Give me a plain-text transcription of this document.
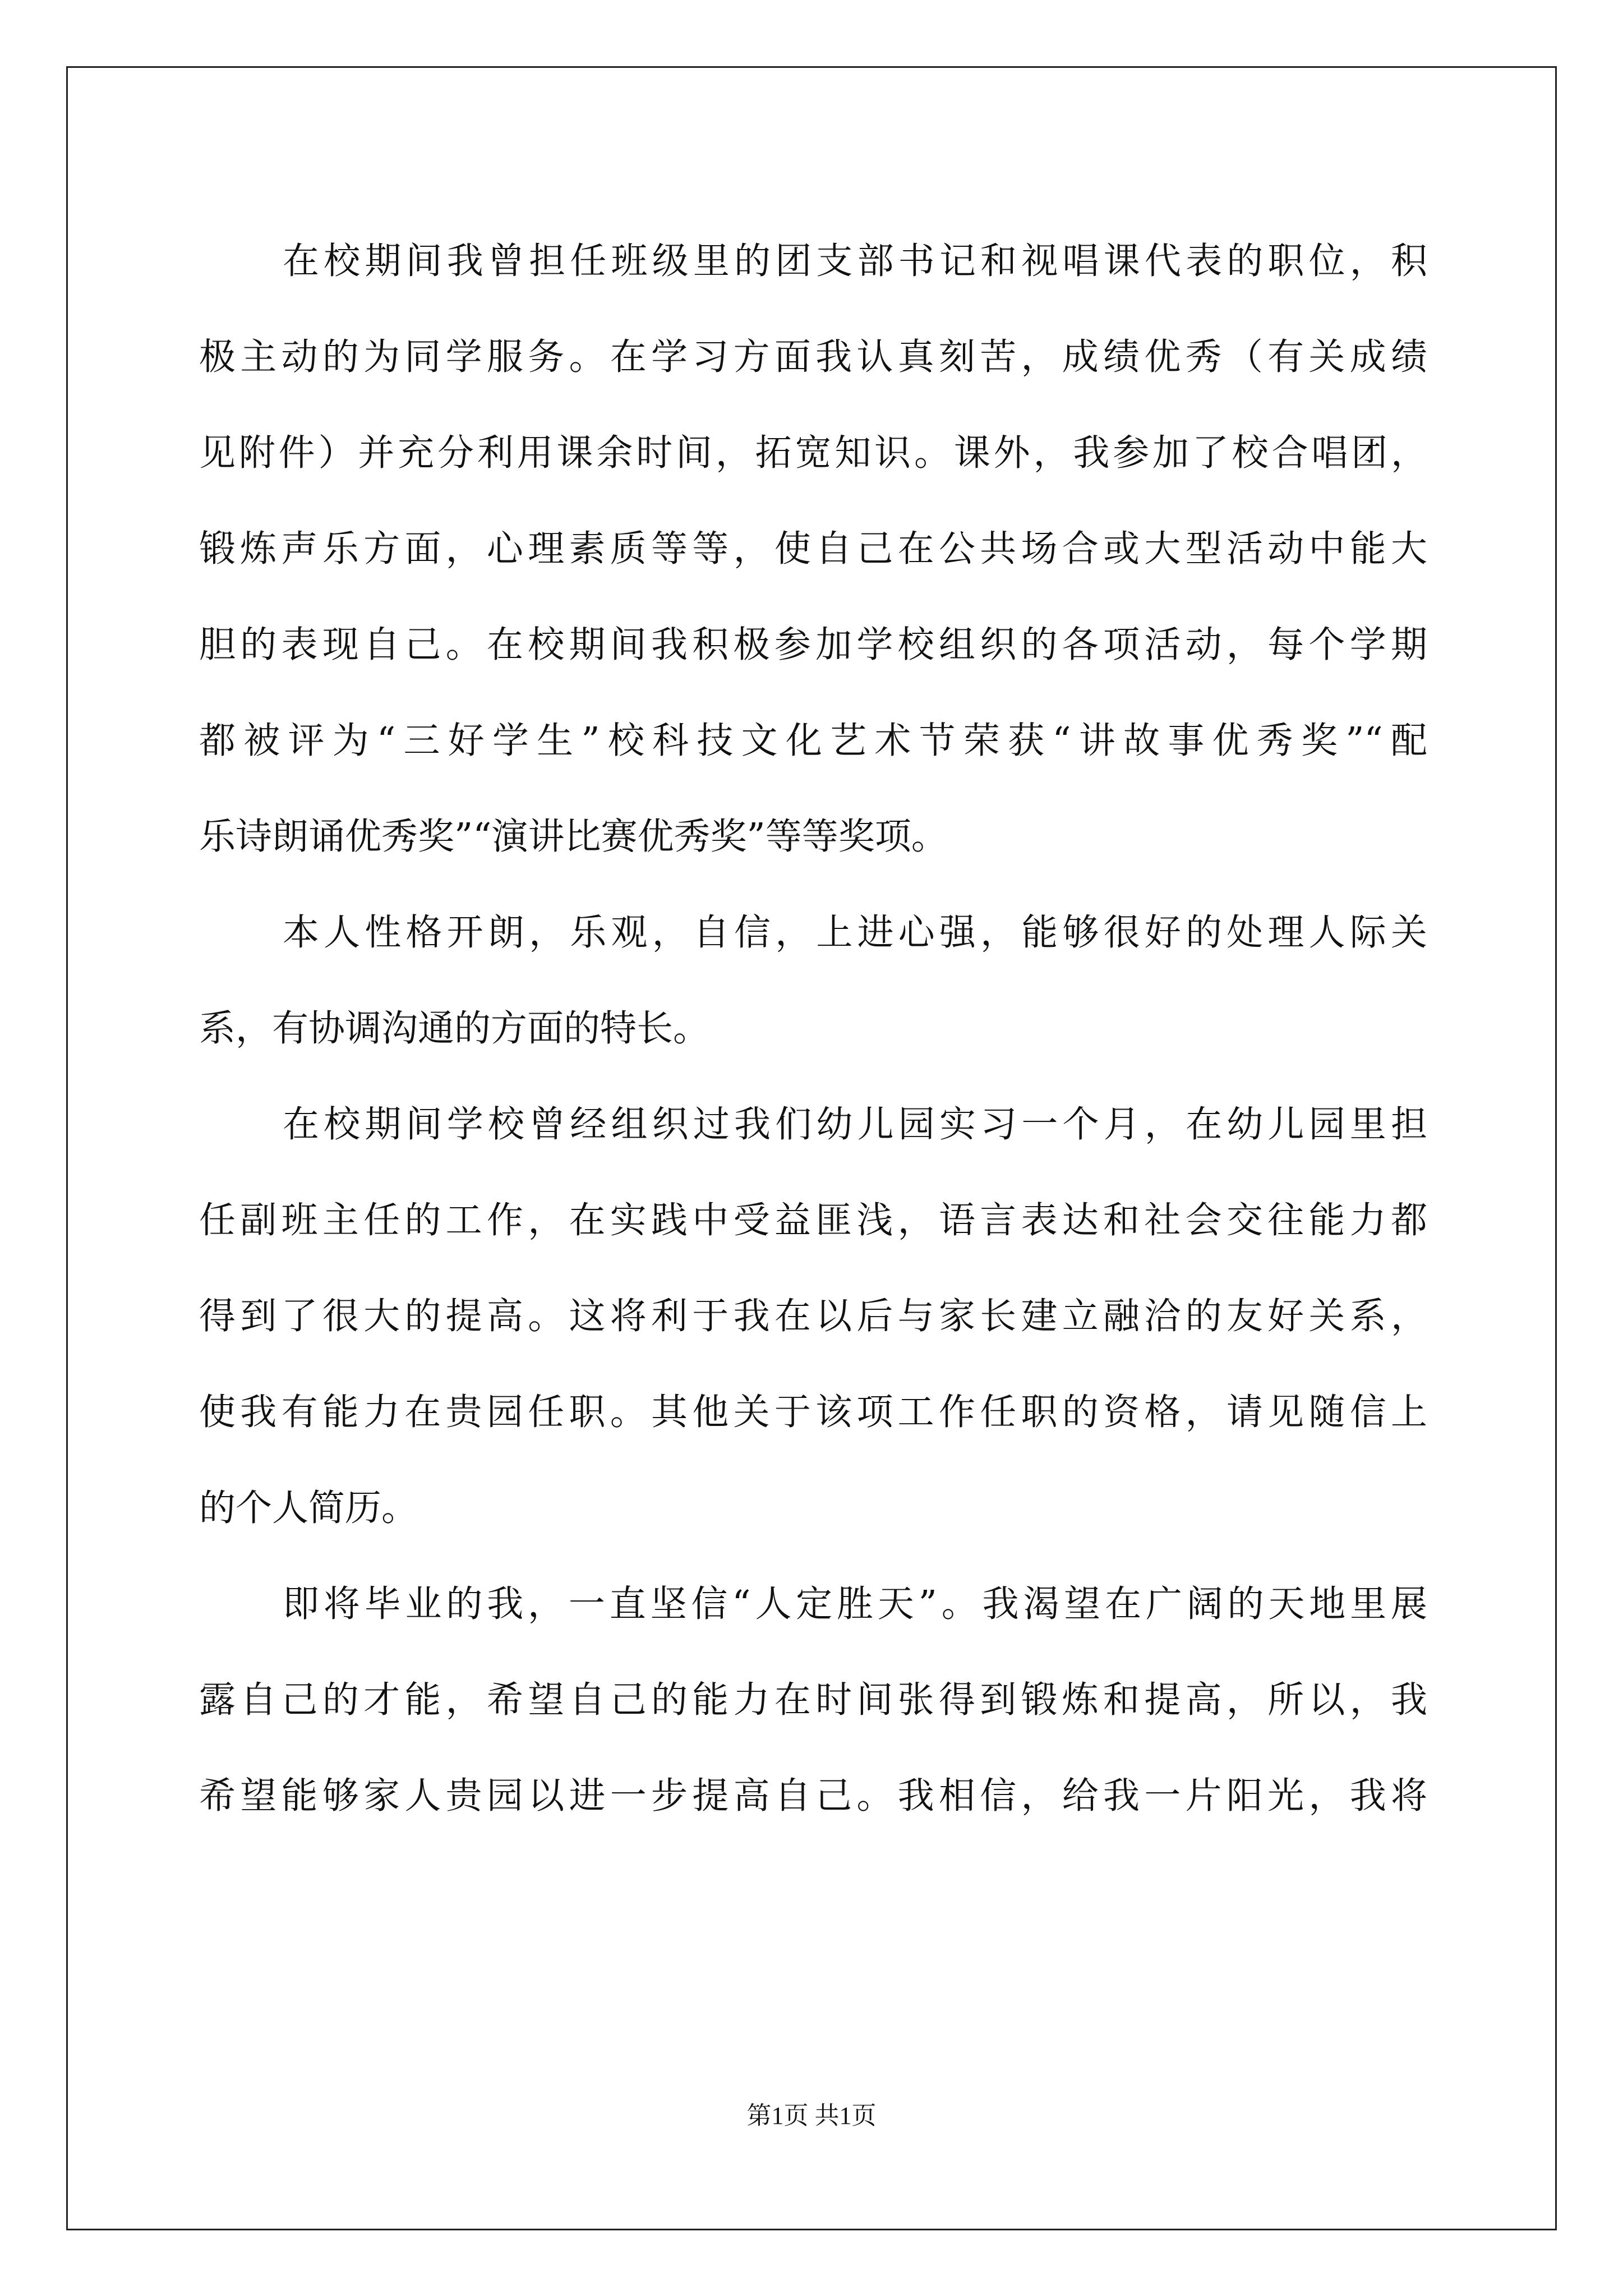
在校期间我曾担任班级里的团支部书记和视唱课代表的职位，积
极主动的为同学服务。在学习方面我认真刻苦，成绩优秀（有关成绩
见附件）并充分利用课余时间，拓宽知识。课外，我参加了校合唱团，
锻炼声乐方面，心理素质等等，使自己在公共场合或大型活动中能大
胆的表现自己。在校期间我积极参加学校组织的各项活动，每个学期
都被评为“三好学生”校科技文化艺术节荣获“讲故事优秀奖”“配
乐诗朗诵优秀奖”“演讲比赛优秀奖”等等奖项。
本人性格开朗，乐观，自信，上进心强，能够很好的处理人际关
系，有协调沟通的方面的特长。
在校期间学校曾经组织过我们幼儿园实习一个月，在幼儿园里担
任副班主任的工作，在实践中受益匪浅，语言表达和社会交往能力都
得到了很大的提高。这将利于我在以后与家长建立融洽的友好关系，
使我有能力在贵园任职。其他关于该项工作任职的资格，请见随信上
的个人简历。
即将毕业的我，一直坚信“人定胜天”。我渴望在广阔的天地里展
露自己的才能，希望自己的能力在时间张得到锻炼和提高，所以，我
希望能够家人贵园以进一步提高自己。我相信，给我一片阳光，我将
第1页 共1页
